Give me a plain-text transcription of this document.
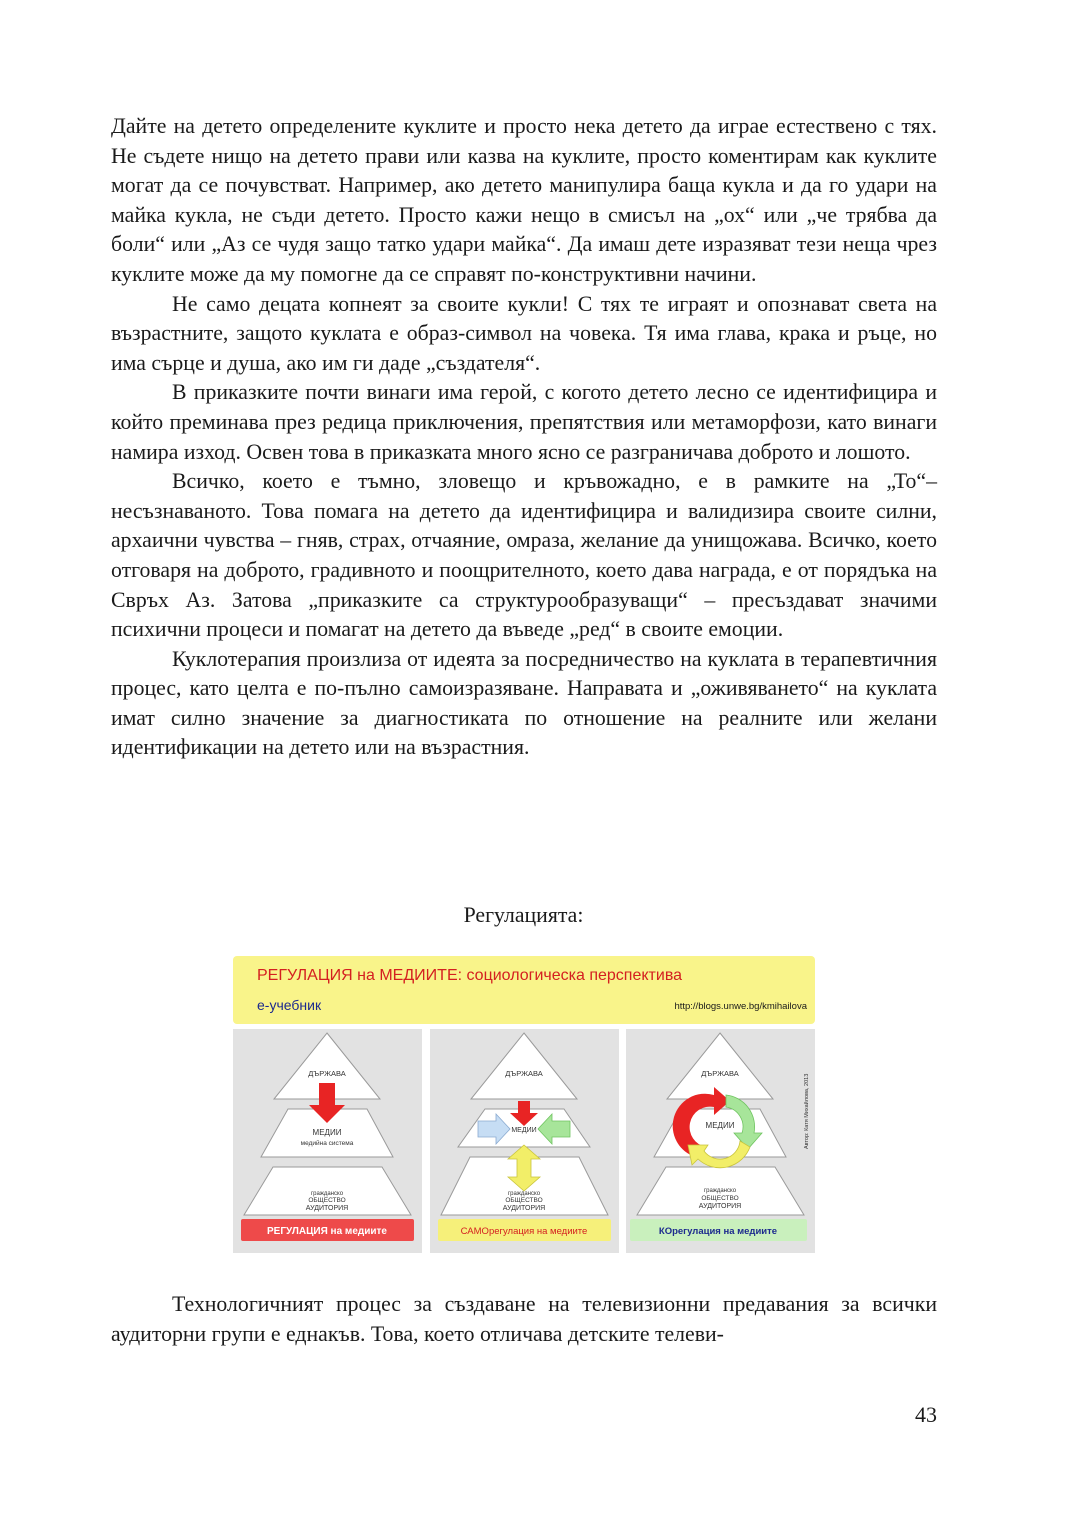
Дайте на детето определените куклите и просто нека детето да играе естествено с тях. Не съдете нищо на детето прави или казва на куклите, просто коментирам как куклите могат да се почувстват. Например, ако детето манипулира баща кукла и да го удари на майка кукла, не съди детето. Просто кажи нещо в смисъл на „ох“ или „че трябва да боли“ или „Аз се чудя защо татко удари майка“. Да имаш дете изразяват тези неща чрез куклите може да му помогне да се справят по-конструктивни начини.

Не само децата копнеят за своите кукли! С тях те играят и опознават света на възрастните, защото куклата е образ-символ на човека. Тя има глава, крака и ръце, но има сърце и душа, ако им ги даде „създателя“.

В приказките почти винаги има герой, с когото детето лесно се идентифицира и който преминава през редица приключения, препятствия или метаморфози, като винаги намира изход. Освен това в приказката много ясно се разграничава доброто и лошото.

Всичко, което е тъмно, зловещо и кръвожадно, е в рамките на „То“– несъзнаваното. Това помага на детето да идентифицира и валидизира своите силни, архаични чувства – гняв, страх, отчаяние, омраза, желание да унищожава. Всичко, което отговаря на доброто, градивното и поощрителното, което дава награда, е от порядъка на Свръх Аз. Затова „приказките са структурообразуващи“ – пресъздават значими психични процеси и помагат на детето да въведе „ред“ в своите емоции.

Куклотерапия произлиза от идеята за посредничество на куклата в терапевтичния процес, като целта е по-пълно самоизразяване. Направата и „оживяването“ на куклата имат силно значение за диагностиката по отношение на реалните или желани идентификации на детето или на възрастния.

Регулацията:
РЕГУЛАЦИЯ на МЕДИИТЕ: социологическа перспектива
е-учебник	http://blogs.unwe.bg/kmihailova
ДЪРЖАВА
МЕДИИ
медийна система
гражданско
ОБЩЕСТВО
АУДИТОРИЯ
РЕГУЛАЦИЯ на медиите
ДЪРЖАВА
МЕДИИ
гражданско
ОБЩЕСТВО
АУДИТОРИЯ
САМОрегулация на медиите
ДЪРЖАВА
МЕДИИ
гражданско
ОБЩЕСТВО
АУДИТОРИЯ
Автор: Катя Михайлова, 2013
КОрегулация на медиите

Технологичният процес за създаване на телевизионни предавания за всички аудиторни групи е еднакъв. Това, което отличава детските телеви-

43
